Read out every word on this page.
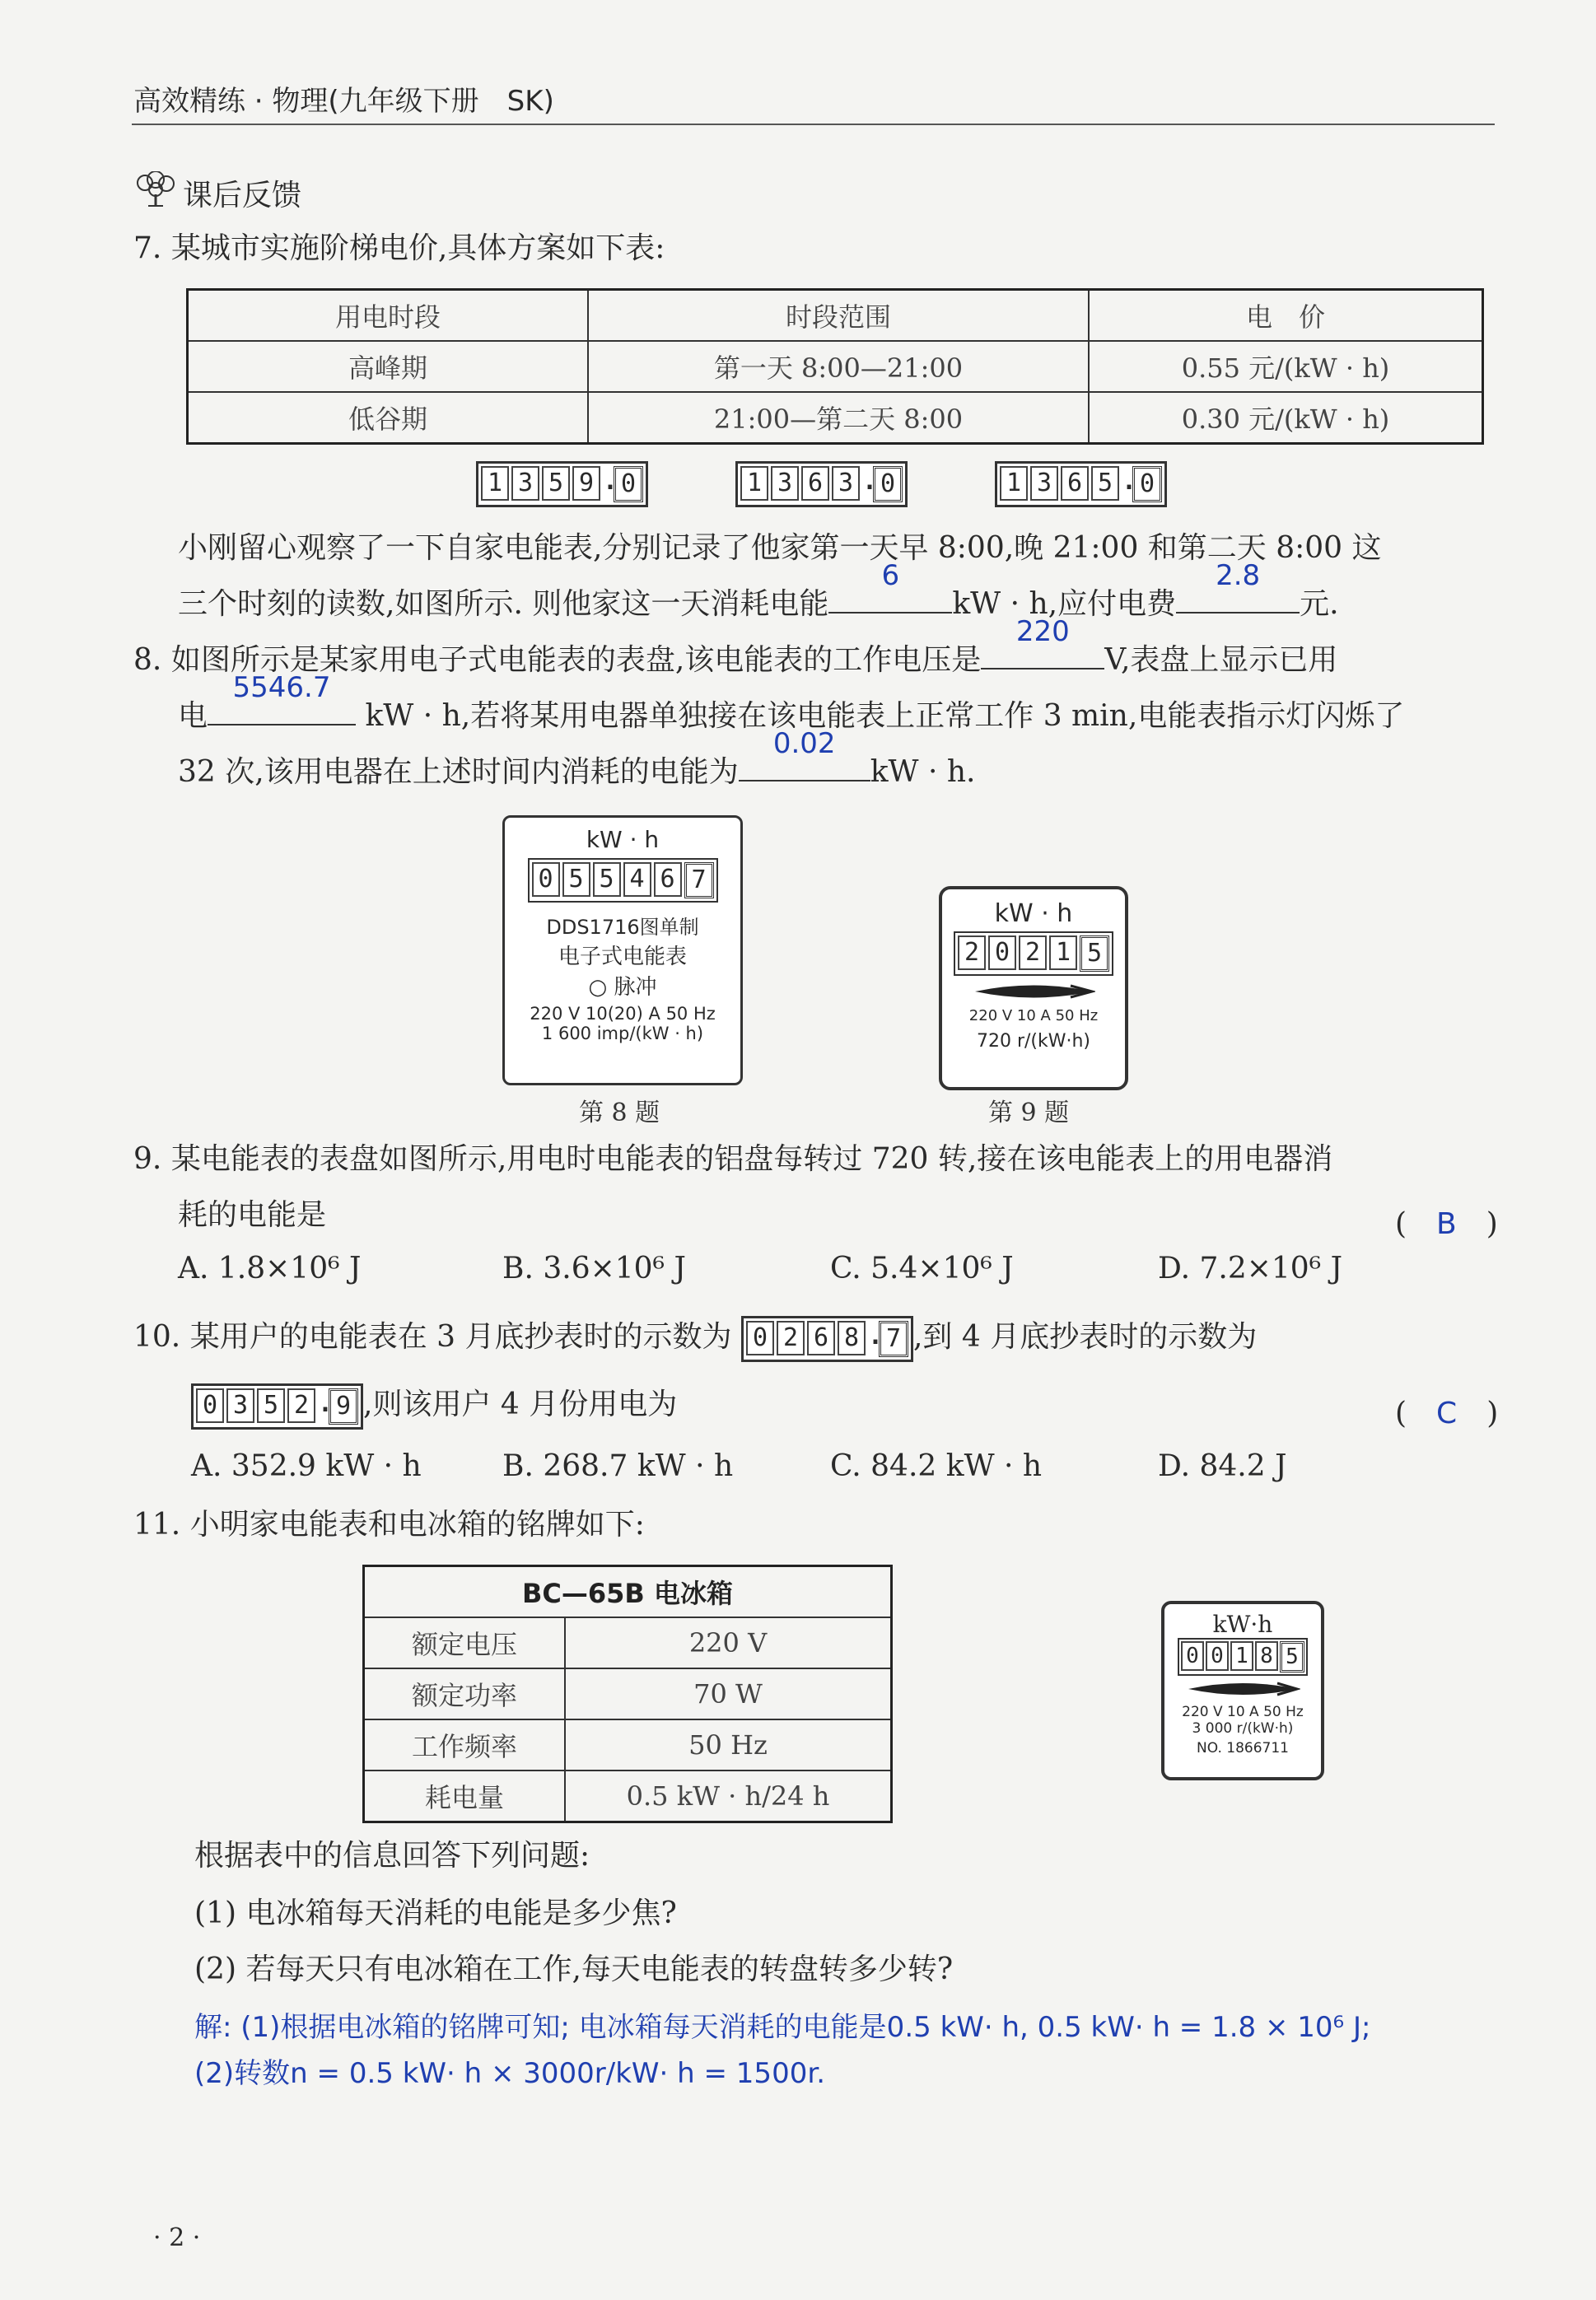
高效精练 · 物理(九年级下册　SK)
课后反馈
7. 某城市实施阶梯电价,具体方案如下表:
用电时段	时段范围	电　价
高峰期	第一天 8:00—21:00	0.55 元/(kW · h)
低谷期	21:00—第二天 8:00	0.30 元/(kW · h)
1 3 5 9 . 0	1 3 6 3 . 0	1 3 6 5 . 0
小刚留心观察了一下自家电能表,分别记录了他家第一天早 8:00,晚 21:00 和第二天 8:00 这
三个时刻的读数,如图所示. 则他家这一天消耗电能
6
kW · h,应付电费
2.8
元.
8. 如图所示是某家用电子式电能表的表盘,该电能表的工作电压是
220
V,表盘上显示已用
电
5546.7
kW · h,若将某用电器单独接在该电能表上正常工作 3 min,电能表指示灯闪烁了
32 次,该用电器在上述时间内消耗的电能为
0.02
kW · h.
kW · h
0 5 5 4 6 7
DDS1716图单制
电子式电能表
○ 脉冲
220 V 10(20) A 50 Hz
1 600 imp/(kW · h)
第 8 题
kW · h
2 0 2 1 5
220 V 10 A 50 Hz
720 r/(kW·h)
第 9 题
9. 某电能表的表盘如图所示,用电时电能表的铝盘每转过 720 转,接在该电能表上的用电器消
耗的电能是	(　B　)
A. 1.8×10⁶ J	B. 3.6×10⁶ J	C. 5.4×10⁶ J	D. 7.2×10⁶ J
10. 某用户的电能表在 3 月底抄表时的示数为 0 2 6 8 . 7 ,到 4 月底抄表时的示数为
0 3 5 2 . 9 ,则该用户 4 月份用电为	(　C　)
A. 352.9 kW · h	B. 268.7 kW · h	C. 84.2 kW · h	D. 84.2 J
11. 小明家电能表和电冰箱的铭牌如下:
BC—65B 电冰箱	
额定电压	220 V
额定功率	70 W
工作频率	50 Hz
耗电量	0.5 kW · h/24 h
kW·h
0 0 1 8 5
220 V 10 A 50 Hz
3 000 r/(kW·h)
NO. 1866711
根据表中的信息回答下列问题:
(1) 电冰箱每天消耗的电能是多少焦?
(2) 若每天只有电冰箱在工作,每天电能表的转盘转多少转?
解: (1)根据电冰箱的铭牌可知; 电冰箱每天消耗的电能是0.5 kW· h, 0.5 kW· h = 1.8 × 10⁶ J;
(2)转数n = 0.5 kW· h × 3000r/kW· h = 1500r.
· 2 ·
